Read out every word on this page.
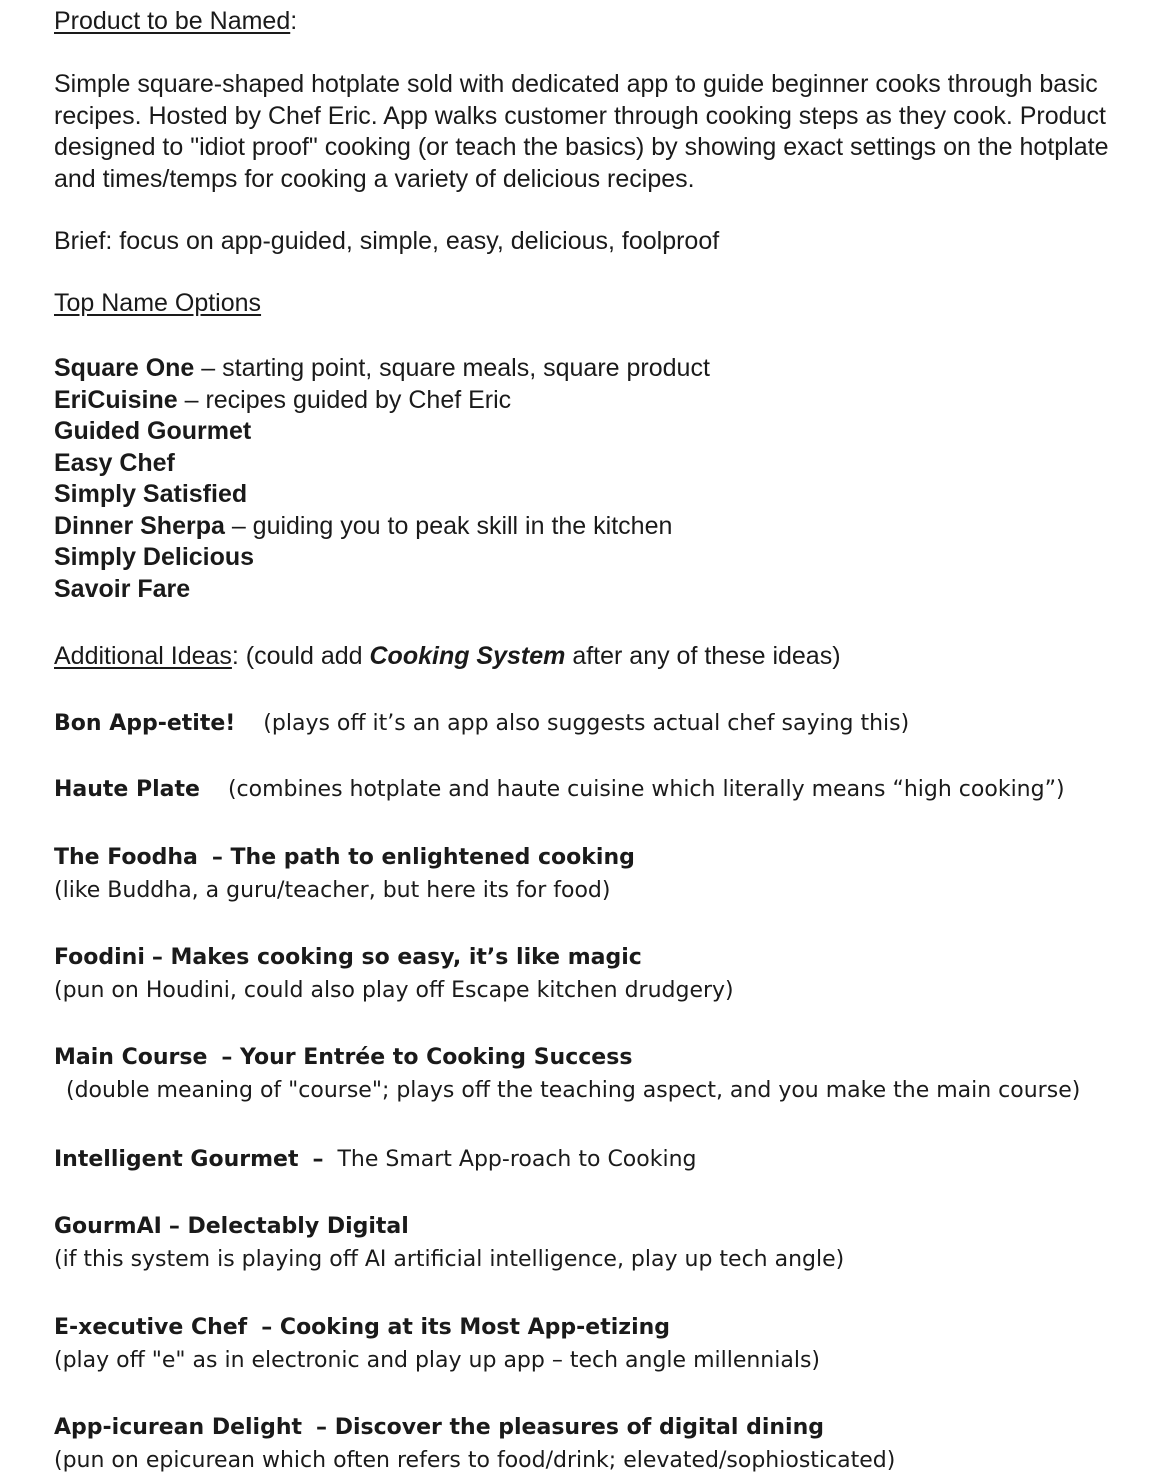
Product to be Named:
Simple square-shaped hotplate sold with dedicated app to guide beginner cooks through basic recipes. Hosted by Chef Eric. App walks customer through cooking steps as they cook. Product designed to "idiot proof" cooking (or teach the basics) by showing exact settings on the hotplate and times/temps for cooking a variety of delicious recipes.
Brief: focus on app-guided, simple, easy, delicious, foolproof
Top Name Options

Square One – starting point, square meals, square product

EriCuisine – recipes guided by Chef Eric

Guided Gourmet

Easy Chef

Simply Satisfied

Dinner Sherpa – guiding you to peak skill in the kitchen

Simply Delicious

Savoir Fare

Additional Ideas: (could add Cooking System after any of these ideas)

Bon App-etite! (plays off it’s an app also suggests actual chef saying this)

Haute Plate (combines hotplate and haute cuisine which literally means “high cooking”)

The Foodha – The path to enlightened cooking

(like Buddha, a guru/teacher, but here its for food)

Foodini – Makes cooking so easy, it’s like magic

(pun on Houdini, could also play off Escape kitchen drudgery)

Main Course – Your Entrée to Cooking Success

(double meaning of "course"; plays off the teaching aspect, and you make the main course)

Intelligent Gourmet –  The Smart App-roach to Cooking

GourmAI – Delectably Digital

(if this system is playing off AI artificial intelligence, play up tech angle)

E-xecutive Chef – Cooking at its Most App-etizing

(play off "e" as in electronic and play up app – tech angle millennials)

App-icurean Delight – Discover the pleasures of digital dining

(pun on epicurean which often refers to food/drink; elevated/sophiosticated)
